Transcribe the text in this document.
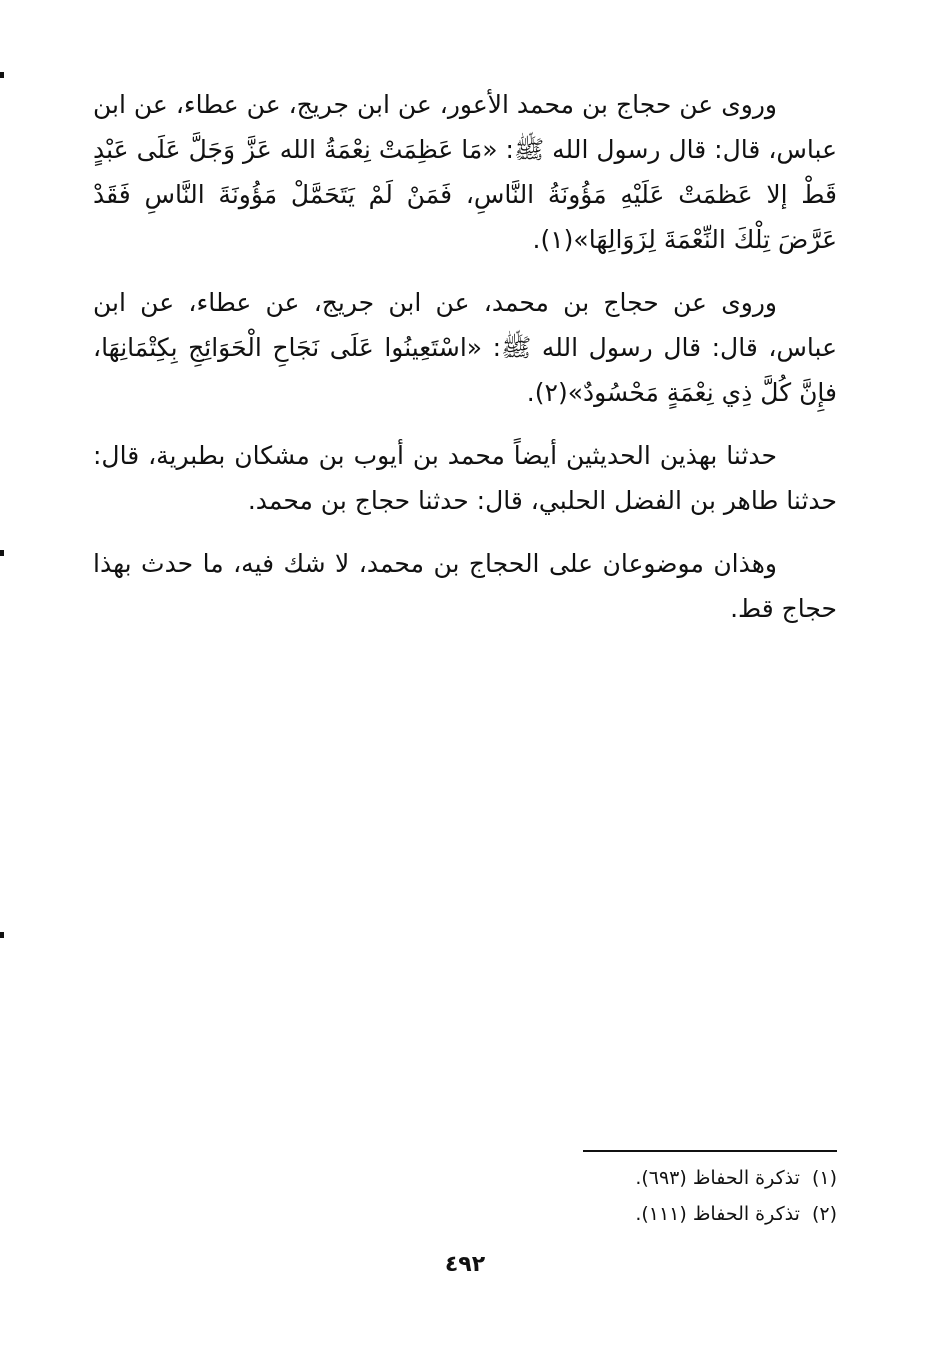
وروى عن حجاج بن محمد الأعور، عن ابن جريج، عن عطاء، عن ابن عباس، قال: قال رسول الله ﷺ: «مَا عَظِمَتْ نِعْمَةُ الله عَزَّ وَجَلَّ عَلَى عَبْدٍ قَطْ إلا عَظمَتْ عَلَيْهِ مَؤُونَةُ النَّاسِ، فَمَنْ لَمْ يَتَحَمَّلْ مَؤُونَةَ النَّاسِ فَقَدْ عَرَّضَ تِلْكَ النِّعْمَةَ لِزَوَالِهَا»(١).

وروى عن حجاج بن محمد، عن ابن جريج، عن عطاء، عن ابن عباس، قال: قال رسول الله ﷺ: «اسْتَعِينُوا عَلَى نَجَاحِ الْحَوَائِجِ بِكِتْمَانِهَا، فإِنَّ كُلَّ ذِي نِعْمَةٍ مَحْسُودٌ»(٢).

حدثنا بهذين الحديثين أيضاً محمد بن أيوب بن مشكان بطبرية، قال: حدثنا طاهر بن الفضل الحلبي، قال: حدثنا حجاج بن محمد.

وهذان موضوعان على الحجاج بن محمد، لا شك فيه، ما حدث بهذا حجاج قط.

(١)تذكرة الحفاظ (٦٩٣).

(٢)تذكرة الحفاظ (١١١).

٤٩٢
